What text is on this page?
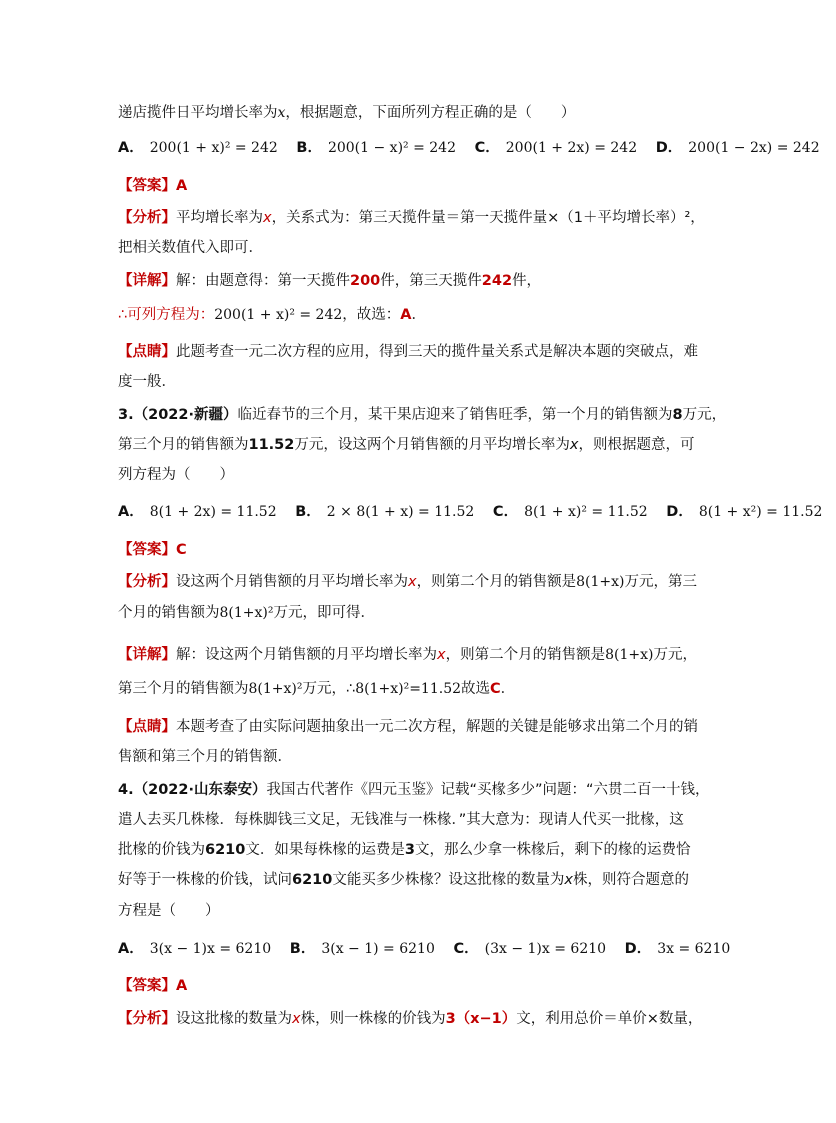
递店揽件日平均增长率为x，根据题意，下面所列方程正确的是（　　）
A． 200(1 + x)² = 242 B． 200(1 − x)² = 242 C． 200(1 + 2x) = 242 D． 200(1 − 2x) = 242
【答案】A
【分析】平均增长率为x，关系式为：第三天揽件量＝第一天揽件量×（1＋平均增长率）²，
把相关数值代入即可．
【详解】解：由题意得：第一天揽件200件，第三天揽件242件，
∴可列方程为：200(1 + x)² = 242，故选：A．
【点睛】此题考查一元二次方程的应用，得到三天的揽件量关系式是解决本题的突破点，难
度一般．
3.（2022·新疆）临近春节的三个月，某干果店迎来了销售旺季，第一个月的销售额为8万元，
第三个月的销售额为11.52万元，设这两个月销售额的月平均增长率为x，则根据题意，可
列方程为（　　）
A． 8(1 + 2x) = 11.52 B． 2 × 8(1 + x) = 11.52 C． 8(1 + x)² = 11.52 D． 8(1 + x²) = 11.52
【答案】C
【分析】设这两个月销售额的月平均增长率为x，则第二个月的销售额是8(1+x)万元，第三
个月的销售额为8(1+x)²万元，即可得．
【详解】解：设这两个月销售额的月平均增长率为x，则第二个月的销售额是8(1+x)万元，
第三个月的销售额为8(1+x)²万元，∴8(1+x)²=11.52故选C．
【点睛】本题考查了由实际问题抽象出一元二次方程，解题的关键是能够求出第二个月的销
售额和第三个月的销售额．
4.（2022·山东泰安）我国古代著作《四元玉鉴》记载“买椽多少”问题：“六贯二百一十钱，
遣人去买几株椽．每株脚钱三文足，无钱准与一株椽．”其大意为：现请人代买一批椽，这
批椽的价钱为6210文．如果每株椽的运费是3文，那么少拿一株椽后，剩下的椽的运费恰
好等于一株椽的价钱，试问6210文能买多少株椽？设这批椽的数量为x株，则符合题意的
方程是（　　）
A． 3(x − 1)x = 6210 B． 3(x − 1) = 6210 C． (3x − 1)x = 6210 D． 3x = 6210
【答案】A
【分析】设这批椽的数量为x株，则一株椽的价钱为3（x−1）文，利用总价＝单价×数量，
